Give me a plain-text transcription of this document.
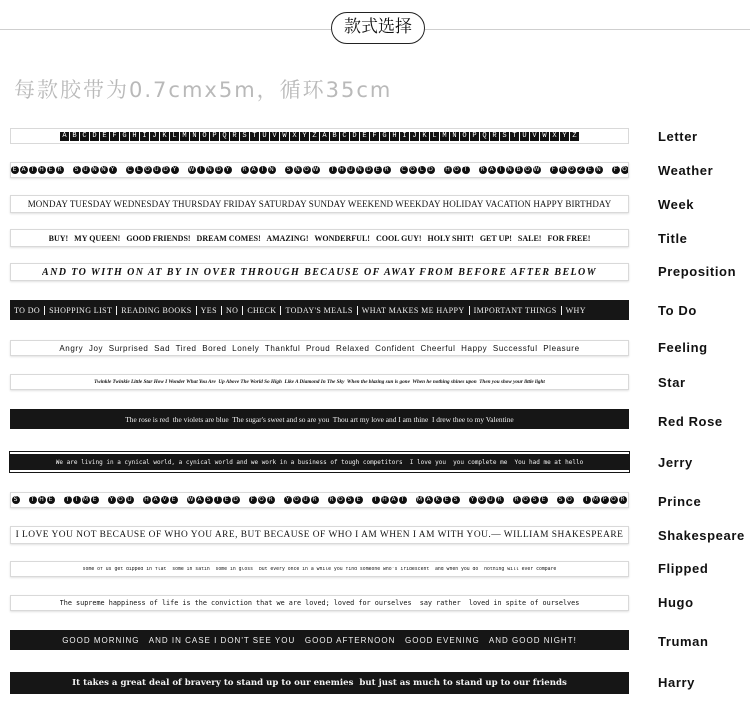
款式选择
每款胶带为0.7cmx5m，循环35cm
A B C D E F G H I J K L M N O P Q R S T U V W X Y Z A B C D E F G H I J K L M N O P Q R S T U V W X Y Z	Letter
E A T H E R	S U N N Y	C L O U D Y	W I N D Y	R A	I N	S N O W	T H U N D E R	C O L D H O T	R A	I N B O W	F R O Z E N	F O Weather
MONDAY TUESDAY WEDNESDAY THURSDAY FRIDAY SATURDAY SUNDAY WEEKEND WEEKDAY HOLIDAY VACATION HAPPY BIRTHDAY	Week
BUY!   MY QUEEN!   GOOD FRIENDS!   DREAM COMES!   AMAZING!   WONDERFUL!   COOL GUY!   HOLY SHIT!   GET UP!   SALE!   FOR FREE!	Title
AND TO WITH ON AT BY IN OVER THROUGH BECAUSE OF AWAY FROM BEFORE AFTER BELOW	Preposition
TO DO	SHOPPING LIST	READING BOOKS	YES	NO	CHECK	TODAY'S MEALS	WHAT MAKES ME HAPPY	IMPORTANT THINGS	WHY	To Do
Angry  Joy  Surprised  Sad  Tired  Bored  Lonely  Thankful  Proud  Relaxed  Confident  Cheerful  Happy  Successful  Pleasure	Feeling
Twinkle Twinkle Little Star How I Wonder What You Are  Up Above The World So High  Like A Diamond In The Sky  When the blazing sun is gone  When he nothing shines upon  Then you show your little light	Star
The rose is red  the violets are blue  The sugar's sweet and so are you  Thou art my love and I am thine  I drew thee to my Valentine	Red Rose
We are living in a cynical world, a cynical world and we work in a business of tough competitors  I love you  you complete me  You had me at hello	Jerry
S	T H E	T	I M E	Y O U H A V E	W A S T E D	F O R	Y O U R	R O S E	T H A T	M A K E S	Y O U R	R O S E	S O	I M P O R	Prince
I LOVE YOU NOT BECAUSE OF WHO YOU ARE, BUT BECAUSE OF WHO I AM WHEN I AM WITH YOU.— WILLIAM SHAKESPEARE	Shakespeare
some of us get dipped in flat  some in satin  some in gloss  but every once in a while you find someone who's iridescent  and when you do  nothing will ever compare	Flipped
The supreme happiness of life is the conviction that we are loved; loved for ourselves  say rather  loved in spite of ourselves	Hugo
GOOD MORNING   AND IN CASE I DON'T SEE YOU   GOOD AFTERNOON   GOOD EVENING   AND GOOD NIGHT!	Truman
It takes a great deal of bravery to stand up to our enemies  but just as much to stand up to our friends	Harry
